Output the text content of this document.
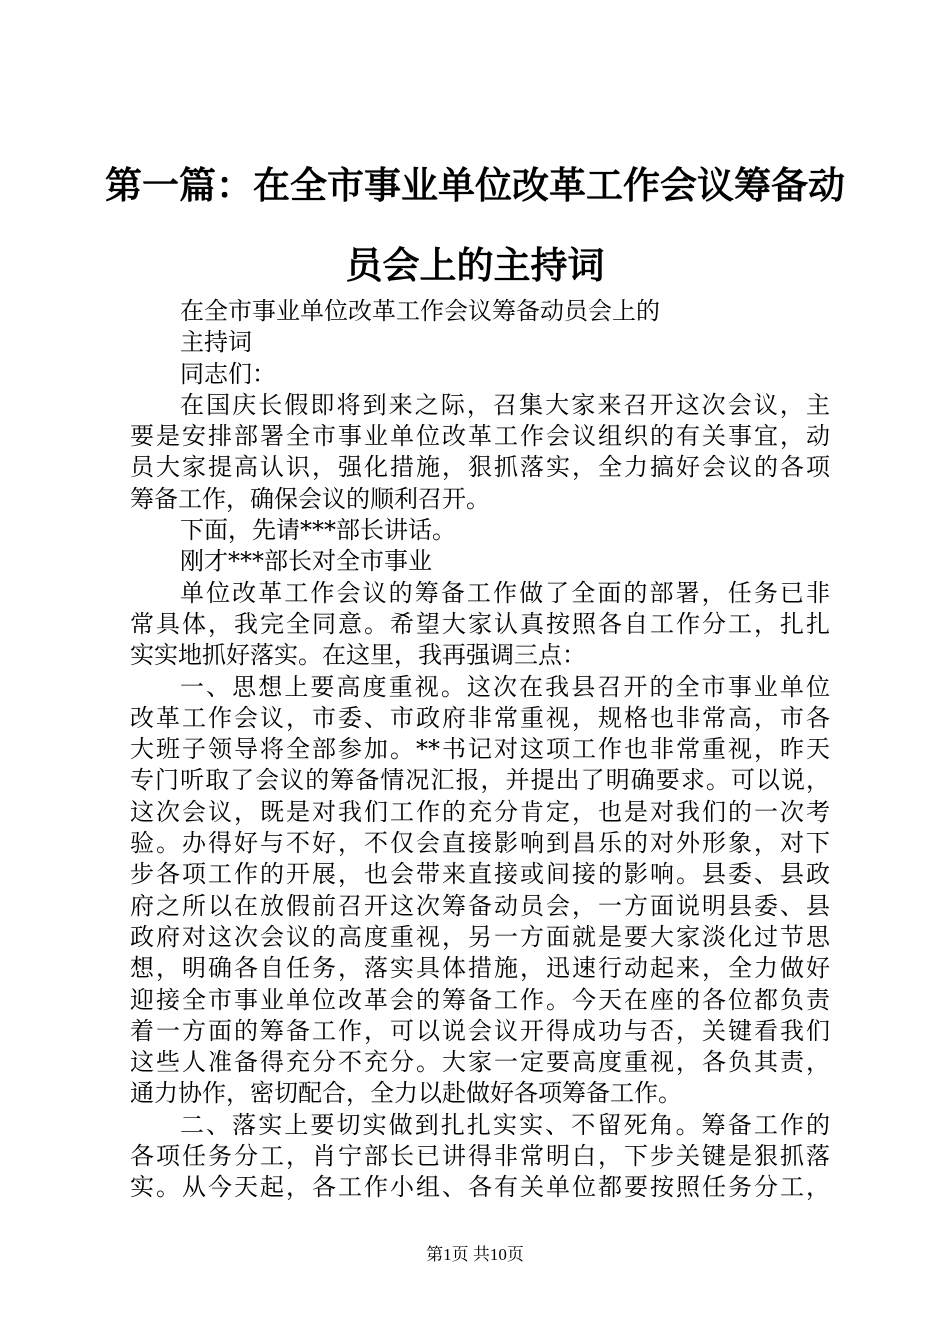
第一篇：在全市事业单位改革工作会议筹备动
员会上的主持词
在全市事业单位改革工作会议筹备动员会上的
主持词
同志们：
在国庆长假即将到来之际，召集大家来召开这次会议，主
要是安排部署全市事业单位改革工作会议组织的有关事宜，动
员大家提高认识，强化措施，狠抓落实，全力搞好会议的各项
筹备工作，确保会议的顺利召开。
下面，先请***部长讲话。
刚才***部长对全市事业
单位改革工作会议的筹备工作做了全面的部署，任务已非
常具体，我完全同意。希望大家认真按照各自工作分工，扎扎
实实地抓好落实。在这里，我再强调三点：
一、思想上要高度重视。这次在我县召开的全市事业单位
改革工作会议，市委、市政府非常重视，规格也非常高，市各
大班子领导将全部参加。**书记对这项工作也非常重视，昨天
专门听取了会议的筹备情况汇报，并提出了明确要求。可以说，
这次会议，既是对我们工作的充分肯定，也是对我们的一次考
验。办得好与不好，不仅会直接影响到昌乐的对外形象，对下
步各项工作的开展，也会带来直接或间接的影响。县委、县政
府之所以在放假前召开这次筹备动员会，一方面说明县委、县
政府对这次会议的高度重视，另一方面就是要大家淡化过节思
想，明确各自任务，落实具体措施，迅速行动起来，全力做好
迎接全市事业单位改革会的筹备工作。今天在座的各位都负责
着一方面的筹备工作，可以说会议开得成功与否，关键看我们
这些人准备得充分不充分。大家一定要高度重视，各负其责，
通力协作，密切配合，全力以赴做好各项筹备工作。
二、落实上要切实做到扎扎实实、不留死角。筹备工作的
各项任务分工，肖宁部长已讲得非常明白，下步关键是狠抓落
实。从今天起，各工作小组、各有关单位都要按照任务分工，
第1页 共10页
